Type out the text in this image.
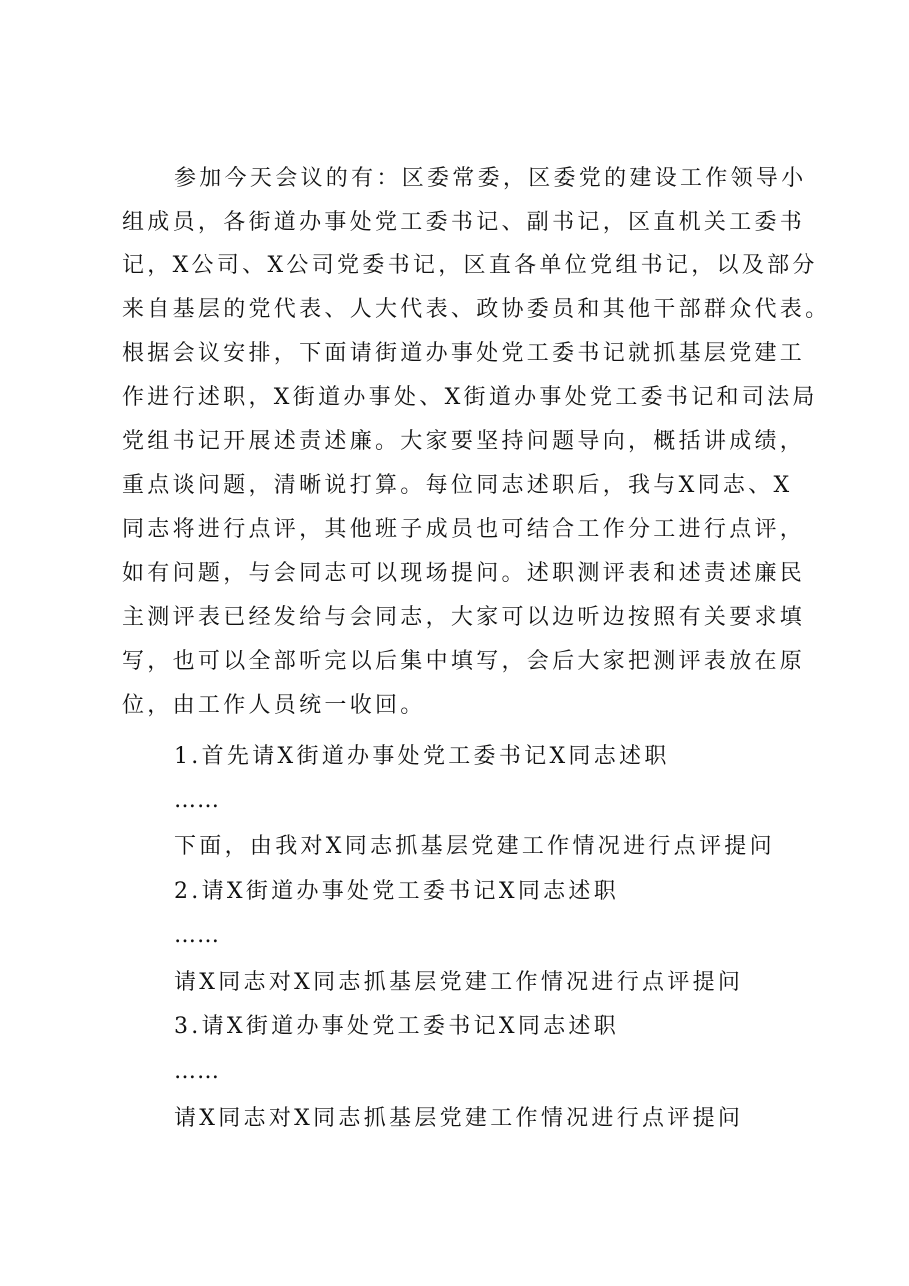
参加今天会议的有：区委常委，区委党的建设工作领导小
组成员，各街道办事处党工委书记、副书记，区直机关工委书
记，X公司、X公司党委书记，区直各单位党组书记，以及部分
来自基层的党代表、人大代表、政协委员和其他干部群众代表。
根据会议安排，下面请街道办事处党工委书记就抓基层党建工
作进行述职，X街道办事处、X街道办事处党工委书记和司法局
党组书记开展述责述廉。大家要坚持问题导向，概括讲成绩，
重点谈问题，清晰说打算。每位同志述职后，我与X同志、X
同志将进行点评，其他班子成员也可结合工作分工进行点评，
如有问题，与会同志可以现场提问。述职测评表和述责述廉民
主测评表已经发给与会同志，大家可以边听边按照有关要求填
写，也可以全部听完以后集中填写，会后大家把测评表放在原
位，由工作人员统一收回。
1.首先请X街道办事处党工委书记X同志述职
……
下面，由我对X同志抓基层党建工作情况进行点评提问
2.请X街道办事处党工委书记X同志述职
……
请X同志对X同志抓基层党建工作情况进行点评提问
3.请X街道办事处党工委书记X同志述职
……
请X同志对X同志抓基层党建工作情况进行点评提问
